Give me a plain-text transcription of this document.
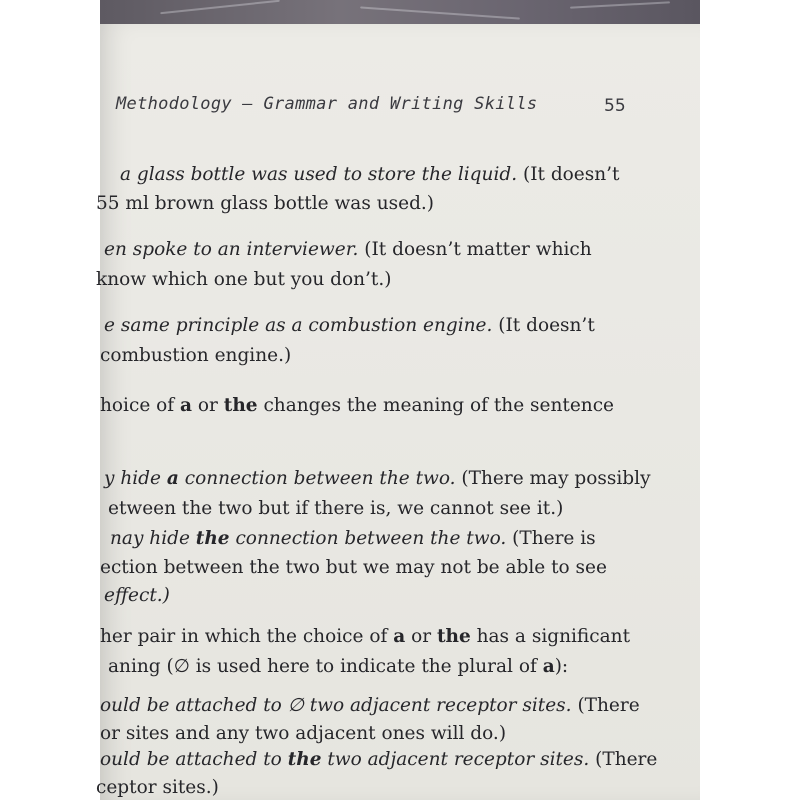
Methodology – Grammar and Writing Skills	55
a glass bottle was used to store the liquid. (It doesn’t
55 ml brown glass bottle was used.)
en spoke to an interviewer. (It doesn’t matter which
know which one but you don’t.)
e same principle as a combustion engine. (It doesn’t
combustion engine.)
hoice of a or the changes the meaning of the sentence
y hide a connection between the two. (There may possibly
etween the two but if there is, we cannot see it.)
nay hide the connection between the two. (There is
ection between the two but we may not be able to see
effect.)
her pair in which the choice of a or the has a significant
aning (∅ is used here to indicate the plural of a):
ould be attached to ∅ two adjacent receptor sites. (There
or sites and any two adjacent ones will do.)
ould be attached to the two adjacent receptor sites. (There
ceptor sites.)
